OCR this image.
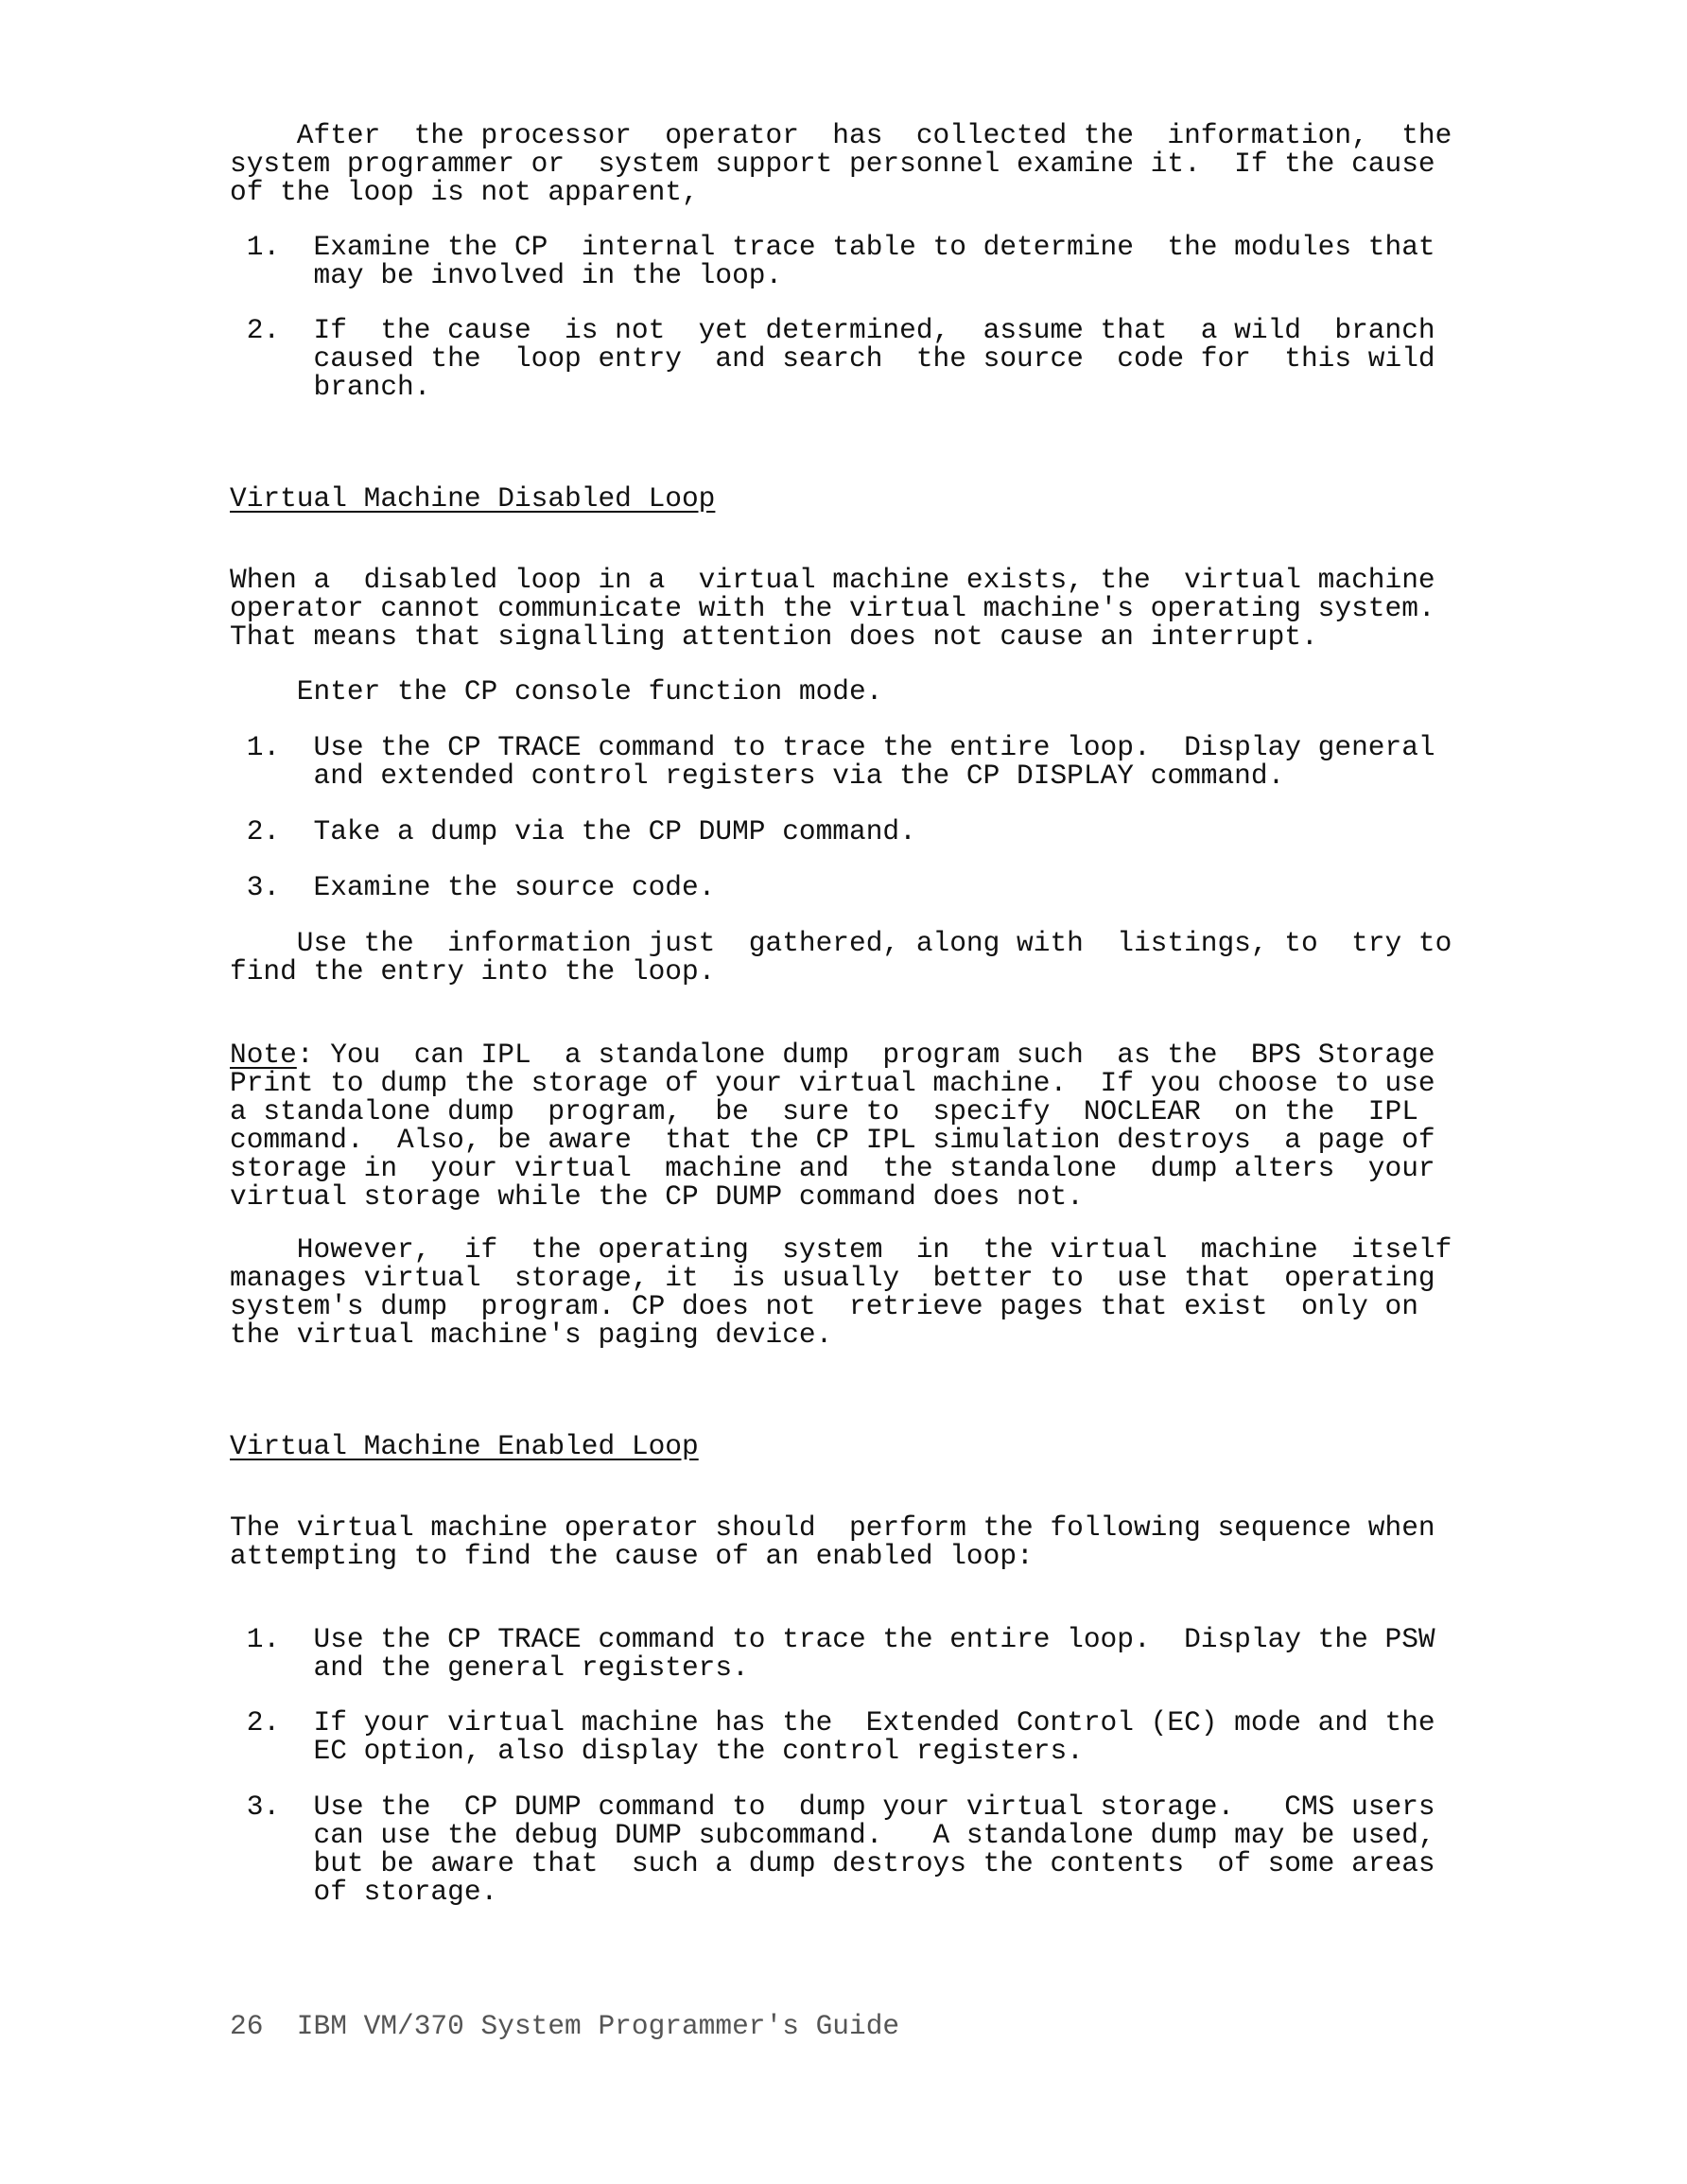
After  the processor  operator  has  collected the  information,  the
system programmer or  system support personnel examine it.  If the cause
of the loop is not apparent,

1.  Examine the CP  internal trace table to determine  the modules that
may be involved in the loop.

2.  If  the cause  is not  yet determined,  assume that  a wild  branch
caused the  loop entry  and search  the source  code for  this wild
branch.

Virtual Machine Disabled Loop

When a  disabled loop in a  virtual machine exists, the  virtual machine
operator cannot communicate with the virtual machine's operating system.
That means that signalling attention does not cause an interrupt.

Enter the CP console function mode.

1.  Use the CP TRACE command to trace the entire loop.  Display general
and extended control registers via the CP DISPLAY command.

2.  Take a dump via the CP DUMP command.

3.  Examine the source code.

Use the  information just  gathered, along with  listings, to  try to
find the entry into the loop.

Note: You  can IPL  a standalone dump  program such  as the  BPS Storage
Print to dump the storage of your virtual machine.  If you choose to use
a standalone dump  program,  be  sure to  specify  NOCLEAR  on the  IPL
command.  Also, be aware  that the CP IPL simulation destroys  a page of
storage in  your virtual  machine and  the standalone  dump alters  your
virtual storage while the CP DUMP command does not.

However,  if  the operating  system  in  the virtual  machine  itself
manages virtual  storage, it  is usually  better to  use that  operating
system's dump  program. CP does not  retrieve pages that exist  only on
the virtual machine's paging device.

Virtual Machine Enabled Loop

The virtual machine operator should  perform the following sequence when
attempting to find the cause of an enabled loop:

1.  Use the CP TRACE command to trace the entire loop.  Display the PSW
and the general registers.

2.  If your virtual machine has the  Extended Control (EC) mode and the
EC option, also display the control registers.

3.  Use the  CP DUMP command to  dump your virtual storage.   CMS users
can use the debug DUMP subcommand.   A standalone dump may be used,
but be aware that  such a dump destroys the contents  of some areas
of storage.

26  IBM VM/370 System Programmer's Guide
